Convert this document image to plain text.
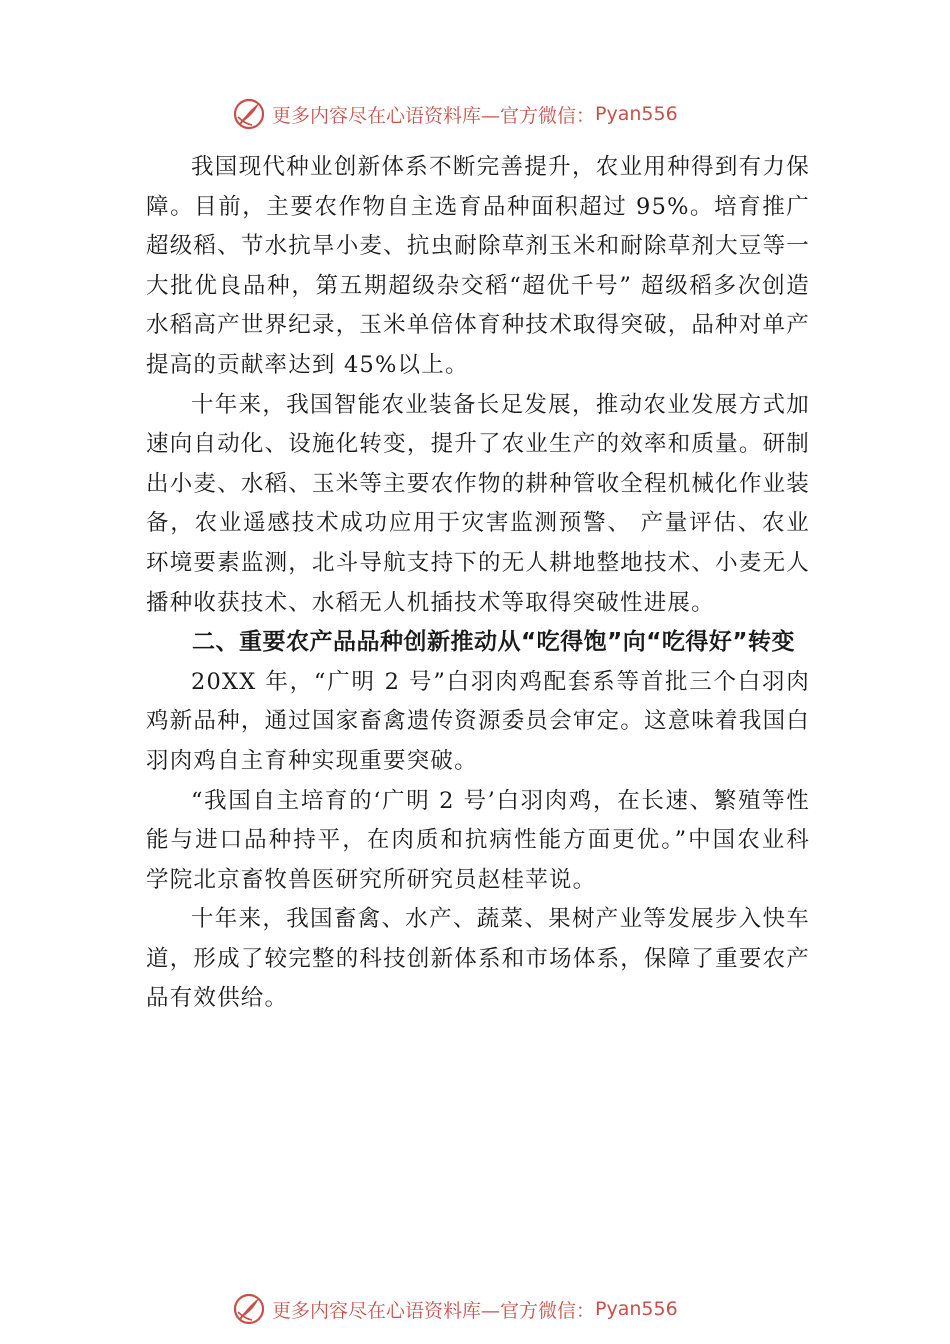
更多内容尽在心语资料库—官方微信： Pyan556

我国现代种业创新体系不断完善提升，农业用种得到有力保障。目前，主要农作物自主选育品种面积超过 95%。培育推广超级稻、节水抗旱小麦、抗虫耐除草剂玉米和耐除草剂大豆等一大批优良品种，第五期超级杂交稻“超优千号” 超级稻多次创造水稻高产世界纪录，玉米单倍体育种技术取得突破，品种对单产提高的贡献率达到 45%以上。

十年来，我国智能农业装备长足发展，推动农业发展方式加速向自动化、设施化转变，提升了农业生产的效率和质量。研制出小麦、水稻、玉米等主要农作物的耕种管收全程机械化作业装备，农业遥感技术成功应用于灾害监测预警、 产量评估、农业环境要素监测，北斗导航支持下的无人耕地整地技术、小麦无人播种收获技术、水稻无人机插技术等取得突破性进展。

二、重要农产品品种创新推动从“吃得饱”向“吃得好”转变

20XX 年，“广明 2 号”白羽肉鸡配套系等首批三个白羽肉鸡新品种，通过国家畜禽遗传资源委员会审定。这意味着我国白羽肉鸡自主育种实现重要突破。

“我国自主培育的‘广明 2 号’白羽肉鸡，在长速、繁殖等性能与进口品种持平，在肉质和抗病性能方面更优。”中国农业科学院北京畜牧兽医研究所研究员赵桂苹说。

十年来，我国畜禽、水产、蔬菜、果树产业等发展步入快车道，形成了较完整的科技创新体系和市场体系，保障了重要农产品有效供给。

更多内容尽在心语资料库—官方微信： Pyan556
